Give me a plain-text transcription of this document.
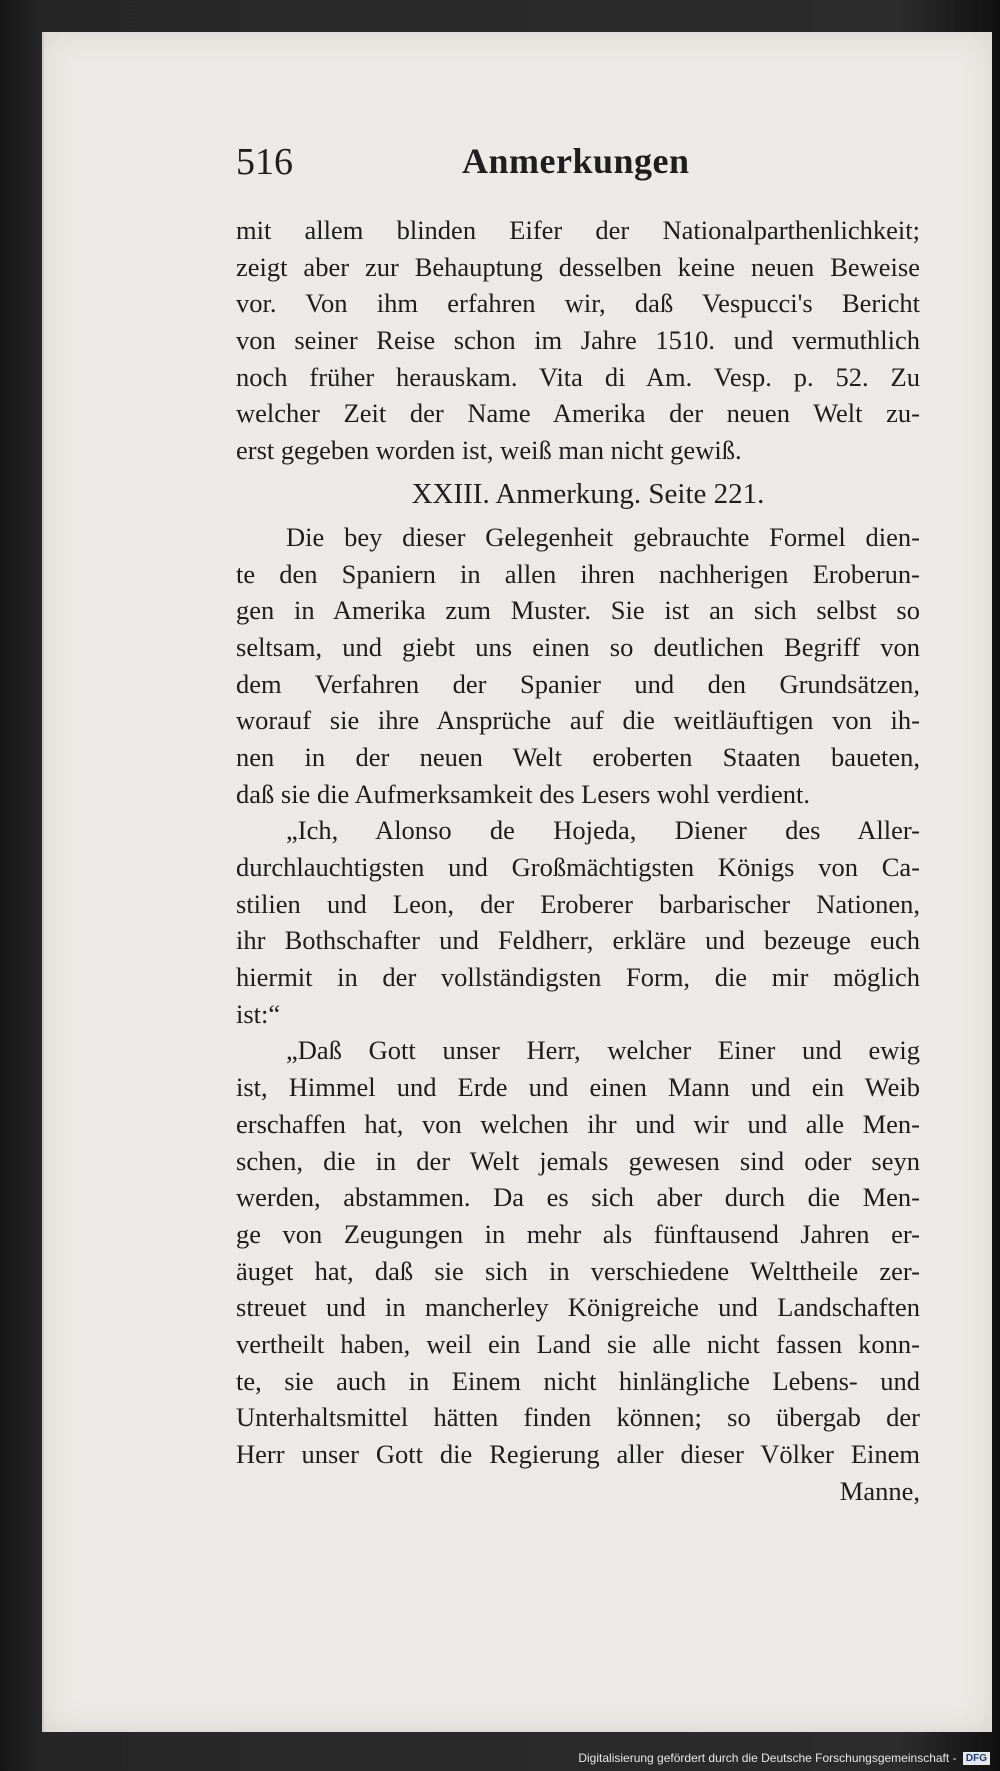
516	Anmerkungen
mit allem blinden Eifer der Nationalparthenlichkeit;
zeigt aber zur Behauptung desselben keine neuen Beweise
vor. Von ihm erfahren wir, daß Vespucci's Bericht
von seiner Reise schon im Jahre 1510. und vermuthlich
noch früher herauskam. Vita di Am. Vesp. p. 52. Zu
welcher Zeit der Name Amerika der neuen Welt zu-
erst gegeben worden ist, weiß man nicht gewiß.
XXIII. Anmerkung. Seite 221.
Die bey dieser Gelegenheit gebrauchte Formel dien-
te den Spaniern in allen ihren nachherigen Eroberun-
gen in Amerika zum Muster. Sie ist an sich selbst so
seltsam, und giebt uns einen so deutlichen Begriff von
dem Verfahren der Spanier und den Grundsätzen,
worauf sie ihre Ansprüche auf die weitläuftigen von ih-
nen in der neuen Welt eroberten Staaten baueten,
daß sie die Aufmerksamkeit des Lesers wohl verdient.
„Ich, Alonso de Hojeda, Diener des Aller-
durchlauchtigsten und Großmächtigsten Königs von Ca-
stilien und Leon, der Eroberer barbarischer Nationen,
ihr Bothschafter und Feldherr, erkläre und bezeuge euch
hiermit in der vollständigsten Form, die mir möglich
ist:“
„Daß Gott unser Herr, welcher Einer und ewig
ist, Himmel und Erde und einen Mann und ein Weib
erschaffen hat, von welchen ihr und wir und alle Men-
schen, die in der Welt jemals gewesen sind oder seyn
werden, abstammen. Da es sich aber durch die Men-
ge von Zeugungen in mehr als fünftausend Jahren er-
äuget hat, daß sie sich in verschiedene Welttheile zer-
streuet und in mancherley Königreiche und Landschaften
vertheilt haben, weil ein Land sie alle nicht fassen konn-
te, sie auch in Einem nicht hinlängliche Lebens- und
Unterhaltsmittel hätten finden können; so übergab der
Herr unser Gott die Regierung aller dieser Völker Einem
Manne,
Digitalisierung gefördert durch die Deutsche Forschungsgemeinschaft - DFG
